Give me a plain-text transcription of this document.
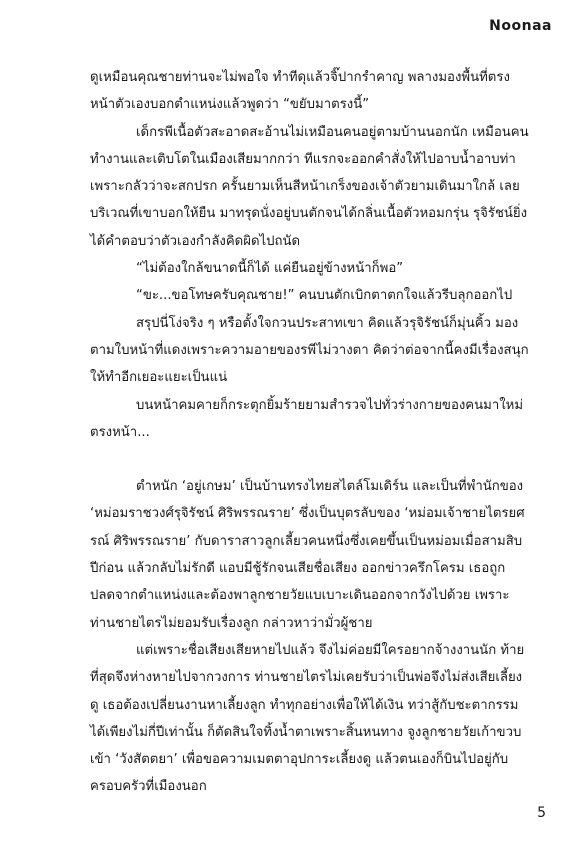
Noonaa

ดูเหมือนคุณชายท่านจะไม่พอใจ ทำทีดุแล้วจิ๊ปากรำคาญ พลางมองพื้นที่ตรงหน้าตัวเองบอกตำแหน่งแล้วพูดว่า “ขยับมาตรงนี้”

เด็กรพีเนื้อตัวสะอาดสะอ้านไม่เหมือนคนอยู่ตามบ้านนอกนัก เหมือนคนทำงานและเติบโตในเมืองเสียมากกว่า ทีแรกจะออกคำสั่งให้ไปอาบน้ำอาบท่าเพราะกลัวว่าจะสกปรก ครั้นยามเห็นสีหน้าเกร็งของเจ้าตัวยามเดินมาใกล้ เลยบริเวณที่เขาบอกให้ยืน มาทรุดนั่งอยู่บนตักจนได้กลิ่นเนื้อตัวหอมกรุ่น รุจิรัชน์ยิ่งได้คำตอบว่าตัวเองกำลังคิดผิดไปถนัด

“ไม่ต้องใกล้ขนาดนี้ก็ได้ แค่ยืนอยู่ข้างหน้าก็พอ”

“ขะ...ขอโทษครับคุณชาย!” คนบนตักเบิกตาตกใจแล้วรีบลุกออกไป

สรุปนี่โง่จริง ๆ หรือตั้งใจกวนประสาทเขา คิดแล้วรุจิรัชน์ก็มุ่นคิ้ว มองตามใบหน้าที่แดงเพราะความอายของรพีไม่วางตา คิดว่าต่อจากนี้คงมีเรื่องสนุกให้ทำอีกเยอะแยะเป็นแน่

บนหน้าคมคายก็กระตุกยิ้มร้ายยามสำรวจไปทั่วร่างกายของคนมาใหม่ตรงหน้า...

ตำหนัก ‘อยู่เกษม’ เป็นบ้านทรงไทยสไตล์โมเดิร์น และเป็นที่พำนักของ ‘หม่อมราชวงศ์รุจิรัชน์ ศิริพรรณราย’ ซึ่งเป็นบุตรลับของ ‘หม่อมเจ้าชายไตรยศรณ์ ศิริพรรณราย’ กับดาราสาวลูกเลี้ยวคนหนึ่งซึ่งเคยขึ้นเป็นหม่อมเมื่อสามสิบปีก่อน แล้วกลับไม่รักดี แอบมีชู้รักจนเสียชื่อเสียง ออกข่าวครึกโครม เธอถูกปลดจากตำแหน่งและต้องพาลูกชายวัยแบเบาะเดินออกจากวังไปด้วย เพราะท่านชายไตรไม่ยอมรับเรื่องลูก กล่าวหาว่ามั่วผู้ชาย

แต่เพราะชื่อเสียงเสียหายไปแล้ว จึงไม่ค่อยมีใครอยากจ้างงานนัก ท้ายที่สุดจึงห่างหายไปจากวงการ ท่านชายไตรไม่เคยรับว่าเป็นพ่อจึงไม่ส่งเสียเลี้ยงดู เธอต้องเปลี่ยนงานหาเลี้ยงลูก ทำทุกอย่างเพื่อให้ได้เงิน ทว่าสู้กับชะตากรรมได้เพียงไม่กี่ปีเท่านั้น ก็ตัดสินใจทิ้งน้ำตาเพราะสิ้นหนทาง จูงลูกชายวัยเก้าขวบเข้า ‘วังสัตตยา’ เพื่อขอความเมตตาอุปการะเลี้ยงดู แล้วตนเองก็บินไปอยู่กับครอบครัวที่เมืองนอก

5
